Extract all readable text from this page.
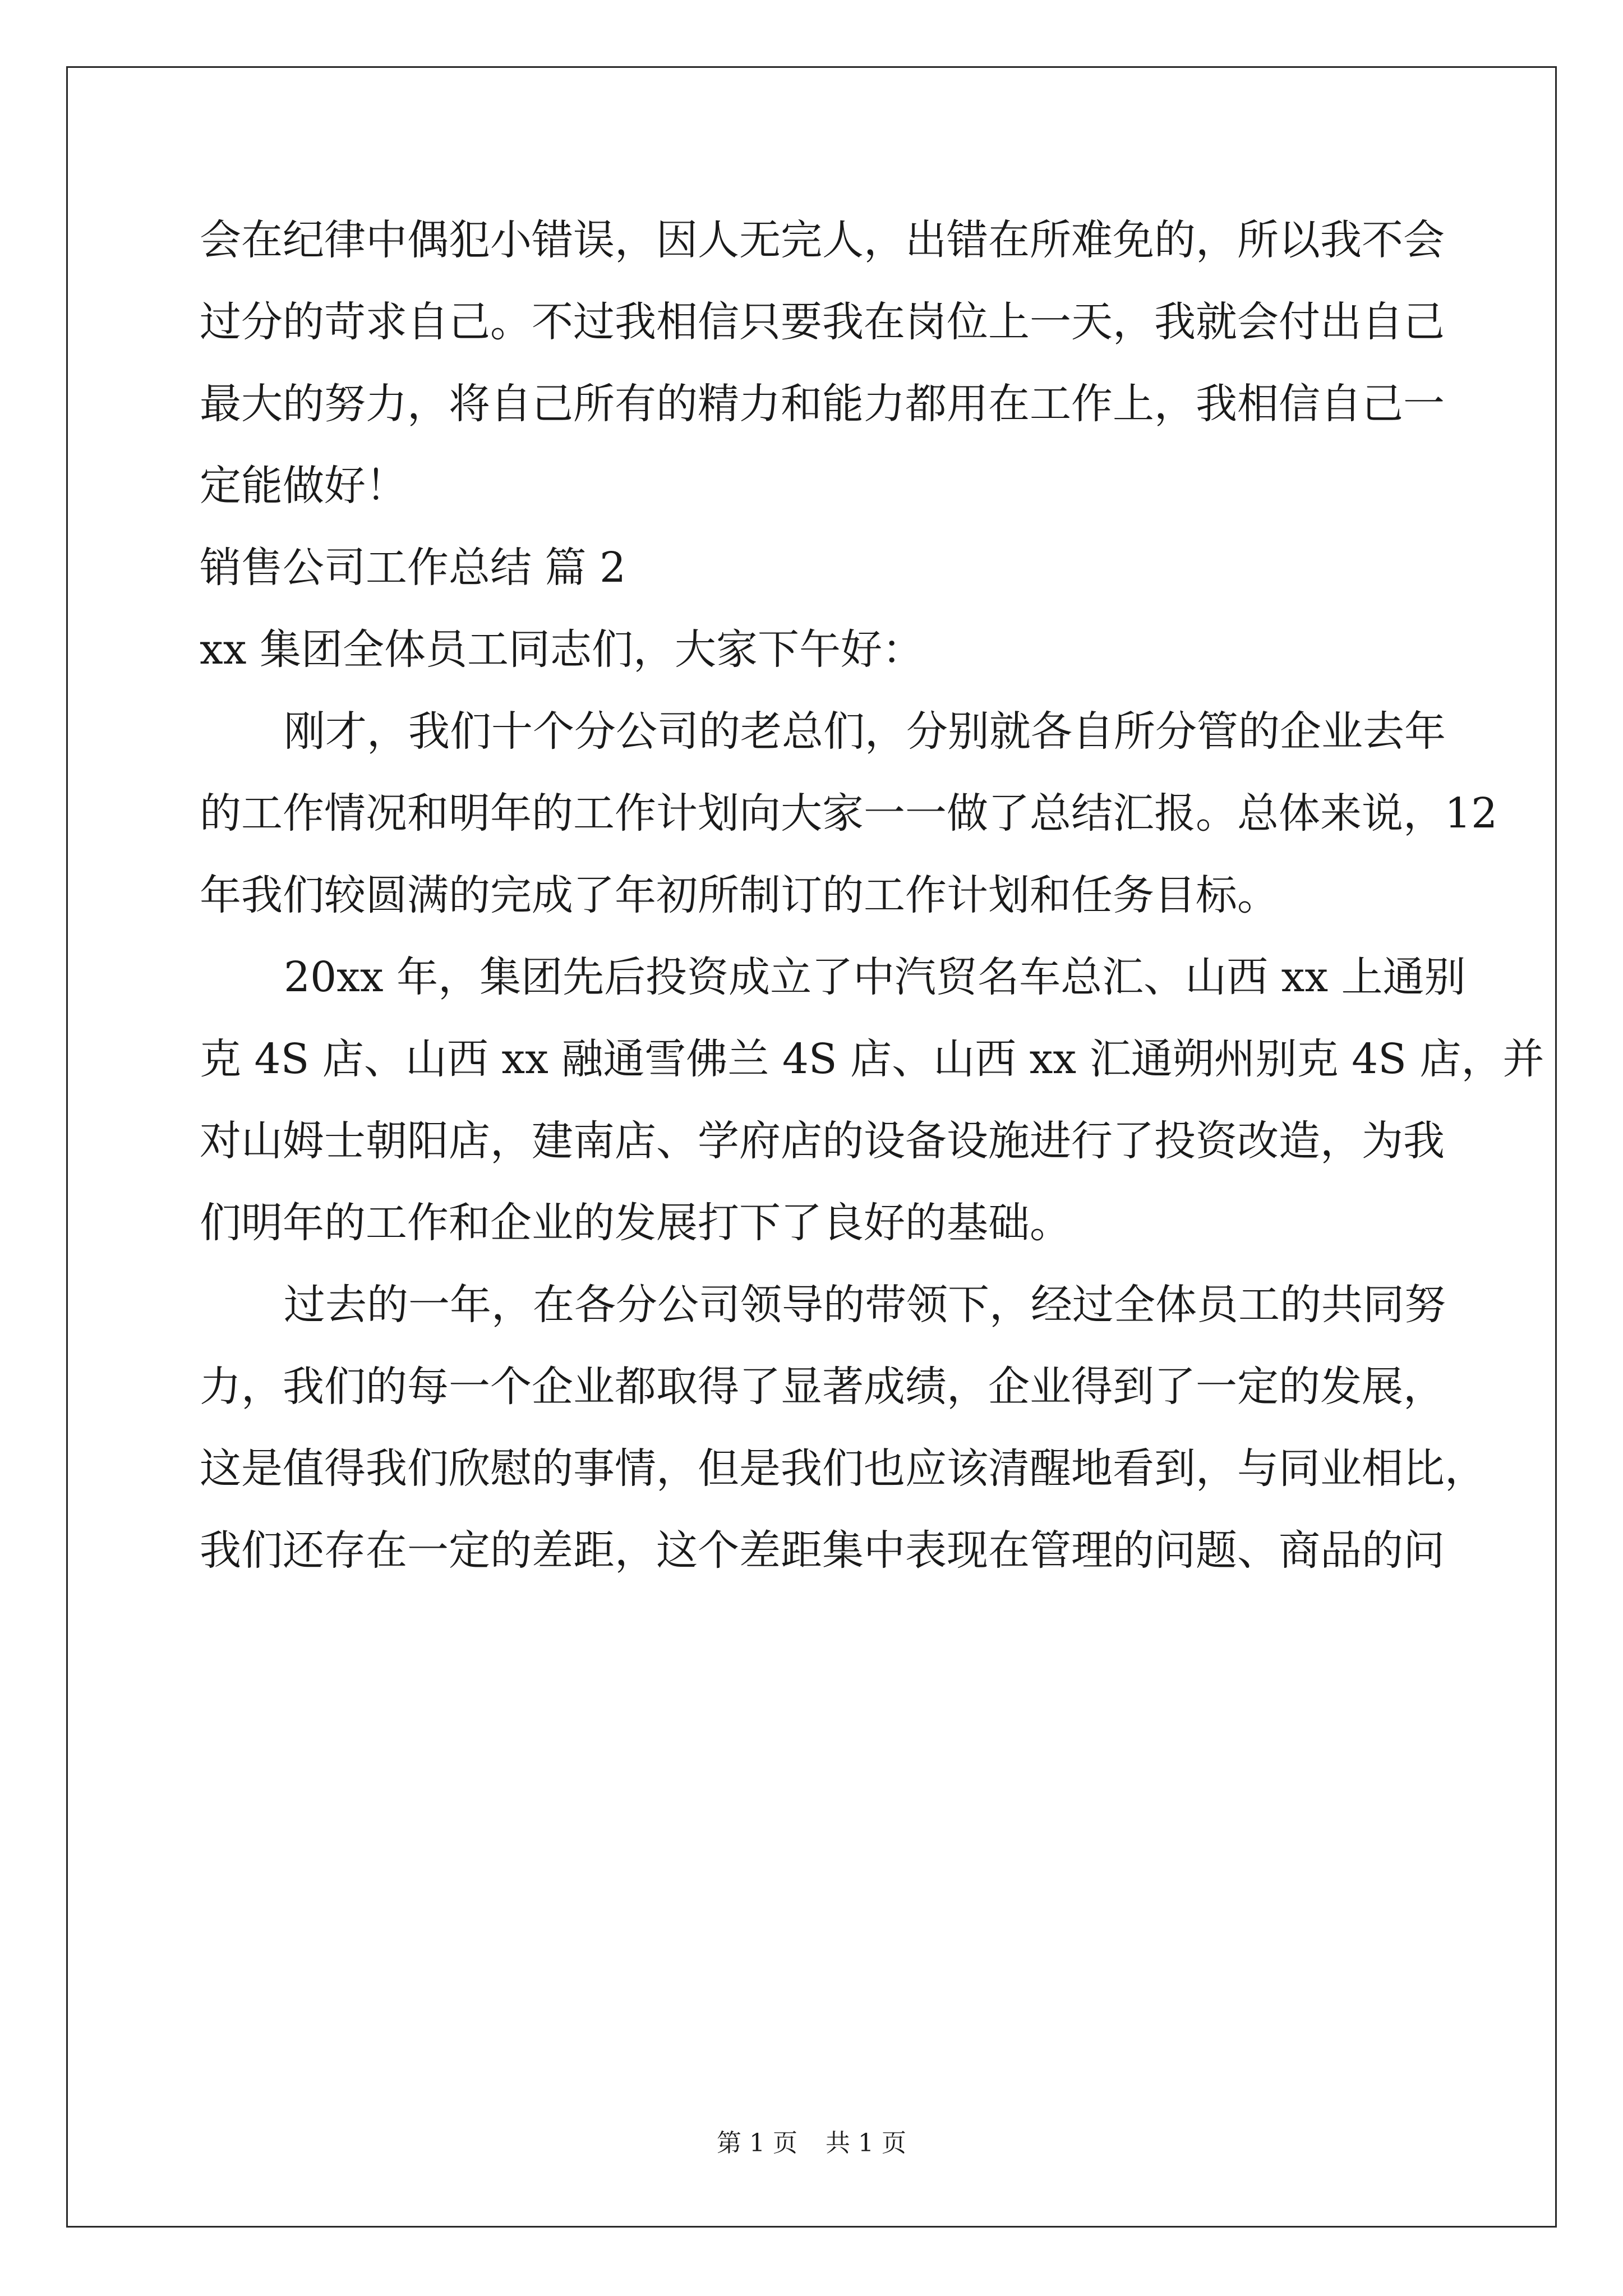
会在纪律中偶犯小错误，因人无完人，出错在所难免的，所以我不会

过分的苛求自己。不过我相信只要我在岗位上一天，我就会付出自己

最大的努力，将自己所有的精力和能力都用在工作上，我相信自己一

定能做好！

销售公司工作总结 篇 2

xx 集团全体员工同志们，大家下午好：

刚才，我们十个分公司的老总们，分别就各自所分管的企业去年

的工作情况和明年的工作计划向大家一一做了总结汇报。总体来说，12

年我们较圆满的完成了年初所制订的工作计划和任务目标。

20xx 年，集团先后投资成立了中汽贸名车总汇、山西 xx 上通别

克 4S 店、山西 xx 融通雪佛兰 4S 店、山西 xx 汇通朔州别克 4S 店，并

对山姆士朝阳店，建南店、学府店的设备设施进行了投资改造，为我

们明年的工作和企业的发展打下了良好的基础。

过去的一年，在各分公司领导的带领下，经过全体员工的共同努

力，我们的每一个企业都取得了显著成绩，企业得到了一定的发展，

这是值得我们欣慰的事情，但是我们也应该清醒地看到，与同业相比，

我们还存在一定的差距，这个差距集中表现在管理的问题、商品的问

第 1 页 共 1 页
